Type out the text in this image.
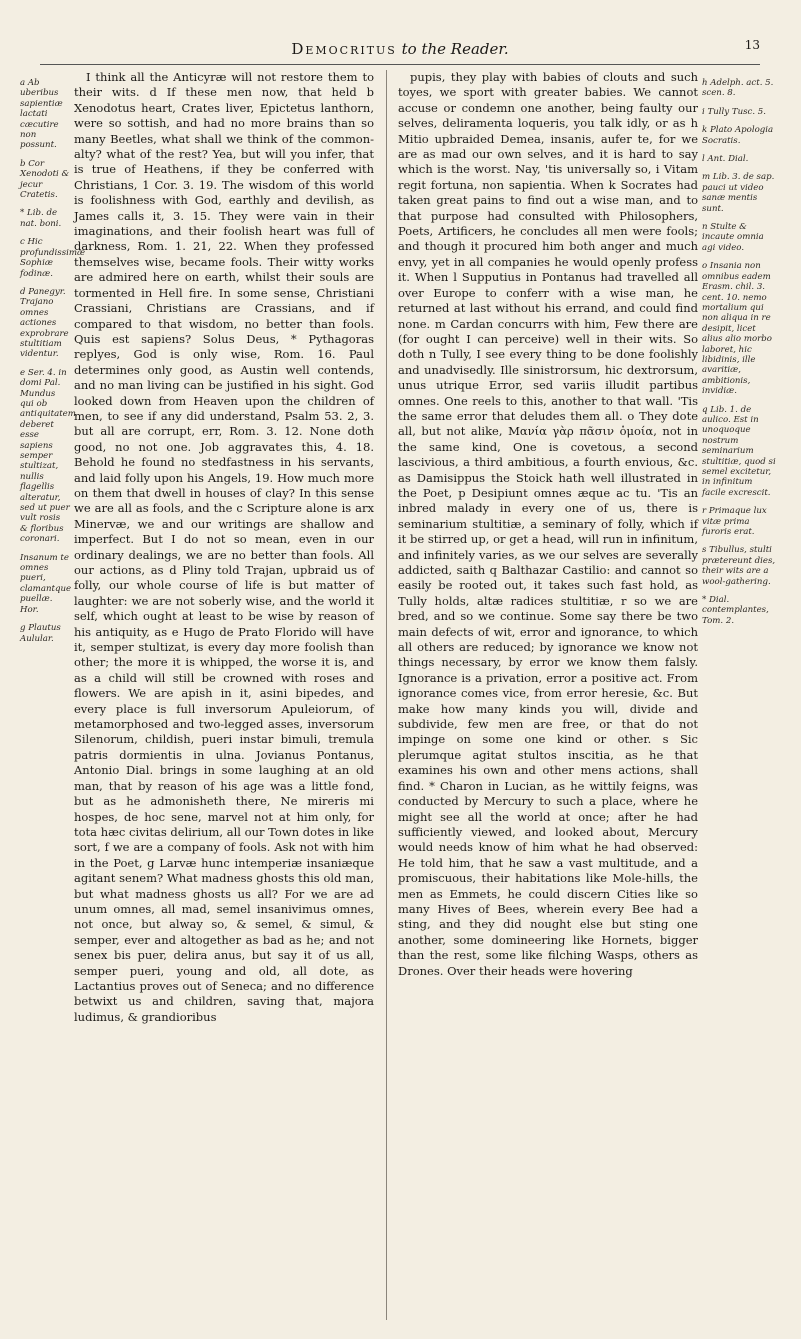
Democritus to the Reader.	13
a Ab uberibus sapientiæ lactati cæcutire non possunt.
b Cor Xenodoti & jecur Cratetis.
* Lib. de nat. boni.
c Hic profundissimæ Sophiæ fodinæ.
d Panegyr. Trajano omnes actiones exprobrare stultitiam videntur.
e Ser. 4. in domi Pal. Mundus qui ob antiquitatem deberet esse sapiens semper stultizat, nullis flagellis alteratur, sed ut puer vult rosis & floribus coronari.
Insanum te omnes pueri, clamantque puellæ. Hor.
g Plautus Aulular.

I think all the Anticyræ will not restore them to their wits. d If these men now, that held b Xenodotus heart, Crates liver, Epictetus lanthorn, were so sottish, and had no more brains than so many Beetles, what shall we think of the common-alty? what of the rest? Yea, but will you infer, that is true of Heathens, if they be conferred with Christians, 1 Cor. 3. 19. The wisdom of this world is foolishness with God, earthly and devilish, as James calls it, 3. 15. They were vain in their imaginations, and their foolish heart was full of darkness, Rom. 1. 21, 22. When they professed themselves wise, became fools. Their witty works are admired here on earth, whilst their souls are tormented in Hell fire. In some sense, Christiani Crassiani, Christians are Crassians, and if compared to that wisdom, no better than fools. Quis est sapiens? Solus Deus, * Pythagoras replyes, God is only wise, Rom. 16. Paul determines only good, as Austin well contends, and no man living can be justified in his sight. God looked down from Heaven upon the children of men, to see if any did understand, Psalm 53. 2, 3. but all are corrupt, err, Rom. 3. 12. None doth good, no not one. Job aggravates this, 4. 18. Behold he found no stedfastness in his servants, and laid folly upon his Angels, 19. How much more on them that dwell in houses of clay? In this sense we are all as fools, and the c Scripture alone is arx Minervæ, we and our writings are shallow and imperfect. But I do not so mean, even in our ordinary dealings, we are no better than fools. All our actions, as d Pliny told Trajan, upbraid us of folly, our whole course of life is but matter of laughter: we are not soberly wise, and the world it self, which ought at least to be wise by reason of his antiquity, as e Hugo de Prato Florido will have it, semper stultizat, is every day more foolish than other; the more it is whipped, the worse it is, and as a child will still be crowned with roses and flowers. We are apish in it, asini bipedes, and every place is full inversorum Apuleiorum, of metamorphosed and two-legged asses, inversorum Silenorum, childish, pueri instar bimuli, tremula patris dormientis in ulna. Jovianus Pontanus, Antonio Dial. brings in some laughing at an old man, that by reason of his age was a little fond, but as he admonisheth there, Ne mireris mi hospes, de hoc sene, marvel not at him only, for tota hæc civitas delirium, all our Town dotes in like sort, f we are a company of fools. Ask not with him in the Poet, g Larvæ hunc intemperiæ insaniæque agitant senem? What madness ghosts this old man, but what madness ghosts us all? For we are ad unum omnes, all mad, semel insanivimus omnes, not once, but alway so, & semel, & simul, & semper, ever and altogether as bad as he; and not senex bis puer, delira anus, but say it of us all, semper pueri, young and old, all dote, as Lactantius proves out of Seneca; and no difference betwixt us and children, saving that, majora ludimus, & grandioribus

pupis, they play with babies of clouts and such toyes, we sport with greater babies. We cannot accuse or condemn one another, being faulty our selves, deliramenta loqueris, you talk idly, or as h Mitio upbraided Demea, insanis, aufer te, for we are as mad our own selves, and it is hard to say which is the worst. Nay, 'tis universally so, i Vitam regit fortuna, non sapientia. When k Socrates had taken great pains to find out a wise man, and to that purpose had consulted with Philosophers, Poets, Artificers, he concludes all men were fools; and though it procured him both anger and much envy, yet in all companies he would openly profess it. When l Supputius in Pontanus had travelled all over Europe to conferr with a wise man, he returned at last without his errand, and could find none. m Cardan concurrs with him, Few there are (for ought I can perceive) well in their wits. So doth n Tully, I see every thing to be done foolishly and unadvisedly. Ille sinistrorsum, hic dextrorsum, unus utrique Error, sed variis illudit partibus omnes. One reels to this, another to that wall. 'Tis the same error that deludes them all. o They dote all, but not alike, Μανία γὰρ πᾶσιν ὁμοία, not in the same kind, One is covetous, a second lascivious, a third ambitious, a fourth envious, &c. as Damisippus the Stoick hath well illustrated in the Poet, p Desipiunt omnes æque ac tu. 'Tis an inbred malady in every one of us, there is seminarium stultitiæ, a seminary of folly, which if it be stirred up, or get a head, will run in infinitum, and infinitely varies, as we our selves are severally addicted, saith q Balthazar Castilio: and cannot so easily be rooted out, it takes such fast hold, as Tully holds, altæ radices stultitiæ, r so we are bred, and so we continue. Some say there be two main defects of wit, error and ignorance, to which all others are reduced; by ignorance we know not things necessary, by error we know them falsly. Ignorance is a privation, error a positive act. From ignorance comes vice, from error heresie, &c. But make how many kinds you will, divide and subdivide, few men are free, or that do not impinge on some one kind or other. s Sic plerumque agitat stultos inscitia, as he that examines his own and other mens actions, shall find. * Charon in Lucian, as he wittily feigns, was conducted by Mercury to such a place, where he might see all the world at once; after he had sufficiently viewed, and looked about, Mercury would needs know of him what he had observed: He told him, that he saw a vast multitude, and a promiscuous, their habitations like Mole-hills, the men as Emmets, he could discern Cities like so many Hives of Bees, wherein every Bee had a sting, and they did nought else but sting one another, some domineering like Hornets, bigger than the rest, some like filching Wasps, others as Drones. Over their heads were hovering

h Adelph. act. 5. scen. 8.
i Tully Tusc. 5.
k Plato Apologia Socratis.
l Ant. Dial.
m Lib. 3. de sap. pauci ut video sanæ mentis sunt.
n Stulte & incaute omnia agi video.
o Insania non omnibus eadem Erasm. chil. 3. cent. 10. nemo mortalium qui non aliqua in re desipit, licet alius alio morbo laboret, hic libidinis, ille avaritiæ, ambitionis, invidiæ.
q Lib. 1. de aulico. Est in unoquoque nostrum seminarium stultitiæ, quod si semel excitetur, in infinitum facile excrescit.
r Primaque lux vitæ prima furoris erat.
s Tibullus, stulti prætereunt dies, their wits are a wool-gathering.
* Dial. contemplantes, Tom. 2.
